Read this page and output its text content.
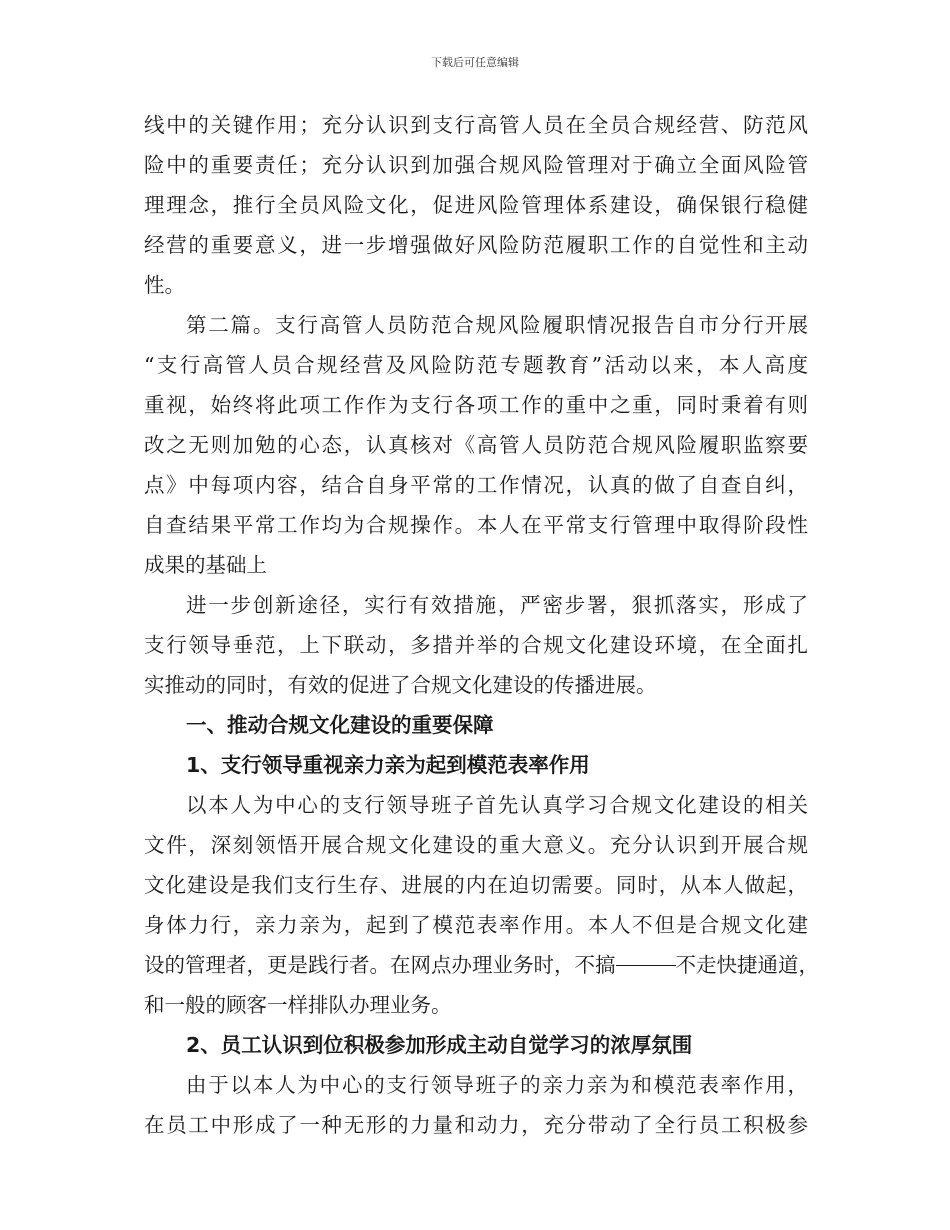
下载后可任意编辑
线中的关键作用；充分认识到支行高管人员在全员合规经营、防范风
险中的重要责任；充分认识到加强合规风险管理对于确立全面风险管
理理念，推行全员风险文化，促进风险管理体系建设，确保银行稳健
经营的重要意义，进一步增强做好风险防范履职工作的自觉性和主动
性。
第二篇。支行高管人员防范合规风险履职情况报告自市分行开展
“支行高管人员合规经营及风险防范专题教育”活动以来，本人高度
重视，始终将此项工作作为支行各项工作的重中之重，同时秉着有则
改之无则加勉的心态，认真核对《高管人员防范合规风险履职监察要
点》中每项内容，结合自身平常的工作情况，认真的做了自查自纠，
自查结果平常工作均为合规操作。本人在平常支行管理中取得阶段性
成果的基础上
进一步创新途径，实行有效措施，严密步署，狠抓落实，形成了
支行领导垂范，上下联动，多措并举的合规文化建设环境，在全面扎
实推动的同时，有效的促进了合规文化建设的传播进展。
一、推动合规文化建设的重要保障
1、支行领导重视亲力亲为起到模范表率作用
以本人为中心的支行领导班子首先认真学习合规文化建设的相关
文件，深刻领悟开展合规文化建设的重大意义。充分认识到开展合规
文化建设是我们支行生存、进展的内在迫切需要。同时，从本人做起，
身体力行，亲力亲为，起到了模范表率作用。本人不但是合规文化建
设的管理者，更是践行者。在网点办理业务时，不搞	不走快捷通道，
和一般的顾客一样排队办理业务。
2、员工认识到位积极参加形成主动自觉学习的浓厚氛围
由于以本人为中心的支行领导班子的亲力亲为和模范表率作用，
在员工中形成了一种无形的力量和动力，充分带动了全行员工积极参
